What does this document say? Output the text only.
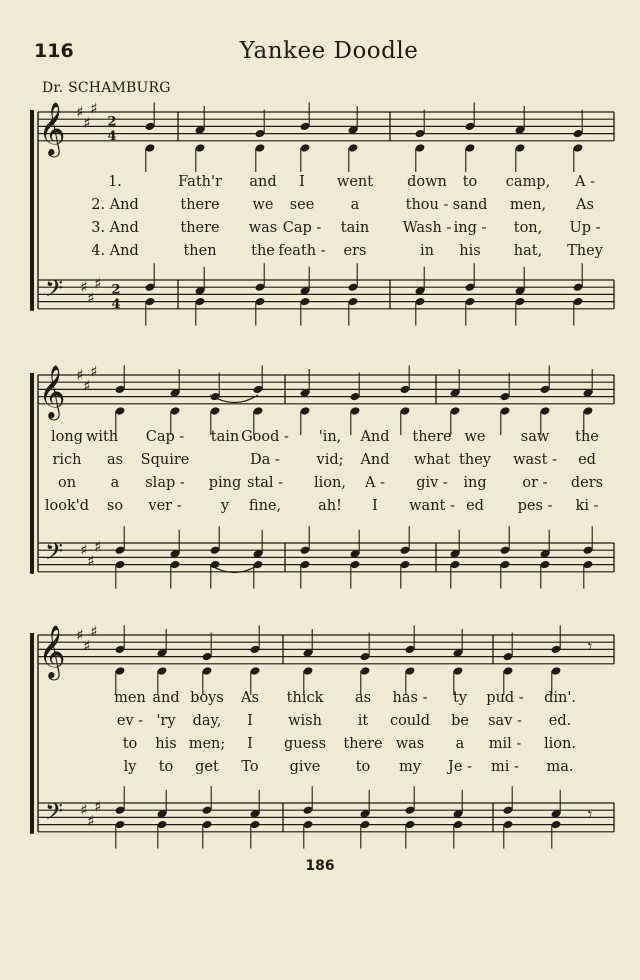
116	Yankee Doodle
Dr. SCHAMBURG
𝄞
𝄢
♯
♯
♯
♯
♯
♯
2
4
2
4
𝄞
𝄢
♯
♯
♯
♯
♯
♯
𝄞
𝄢
♯
♯
♯
♯
♯
♯
𝄾
𝄾
1.	Fath'r and I went down to camp, A -
2. And	there we see	a	thou - sand men, As
3. And	there was Cap - tain Wash - ing - ton, Up -
4. And	then the feath - ers	in his hat, They
long with Cap - tain Good - 'in, And there we saw the
rich as Squire	Da -	vid; And what they wast - ed
on a slap - ping stal - lion, A - giv - ing or - ders
look'd so ver -	y fine,	ah! I want - ed pes - ki -
men and boys As thick as has - ty pud - din'.
ev - 'ry day, I wish it could be sav - ed.
to his men; I guess there was a mil - lion.
ly to get To give to my Je - mi - ma.
186
